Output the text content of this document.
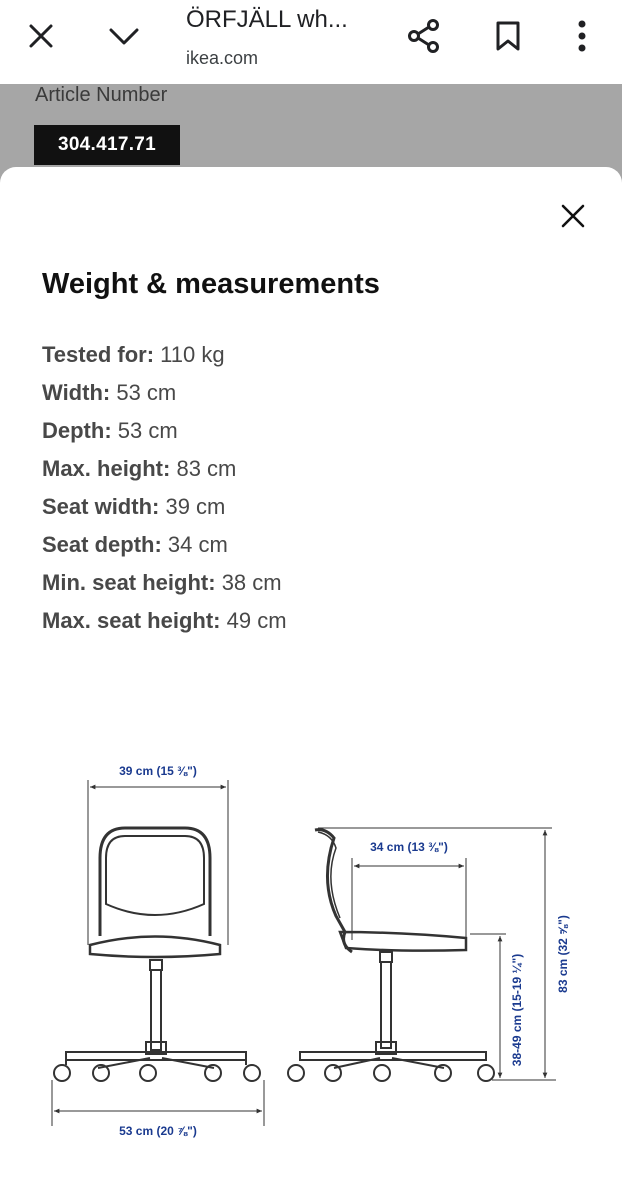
ÖRFJÄLL wh...
ikea.com
Article Number
304.417.71
Weight & measurements
Tested for: 110 kg
Width: 53 cm
Depth: 53 cm
Max. height: 83 cm
Seat width: 39 cm
Seat depth: 34 cm
Min. seat height: 38 cm
Max. seat height: 49 cm
39 cm (15 ⅜")
53 cm (20 ⅞")
34 cm (13 ⅜")
38-49 cm (15-19 ¼")	83 cm (32 ⅝")
